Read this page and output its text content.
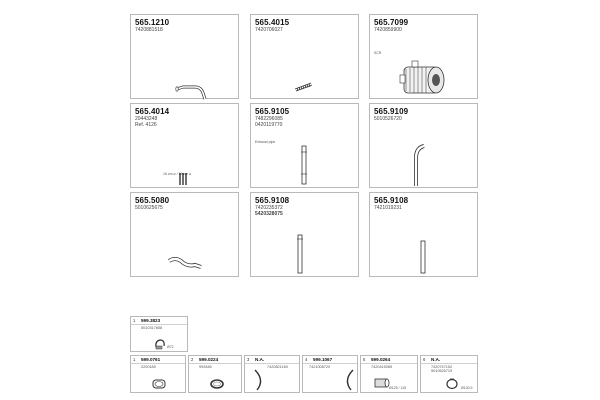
565.1210
7420881518
565.4015
7420706027
565.7099
7420859900
SCR
565.4014
20443248
Ref. 4126
16 cm ⌀ / 16 cm ⌀
565.9105
7482296085
0420119770
Exhaust pipe
565.9109
5010526720
565.5080
5010625675
565.9108
7420235372
5420328075
565.9108
7421019231
1 599.3823
5010317858
Ø72
1 599.0761
2200185
2 599.0224
992845
3 N.A.
7420821160
4 599.1067
7421008720
5 599.0264
7420415085
Ø125 / 115
6 N.A.
7420747152
5010626719
Ø130.9
